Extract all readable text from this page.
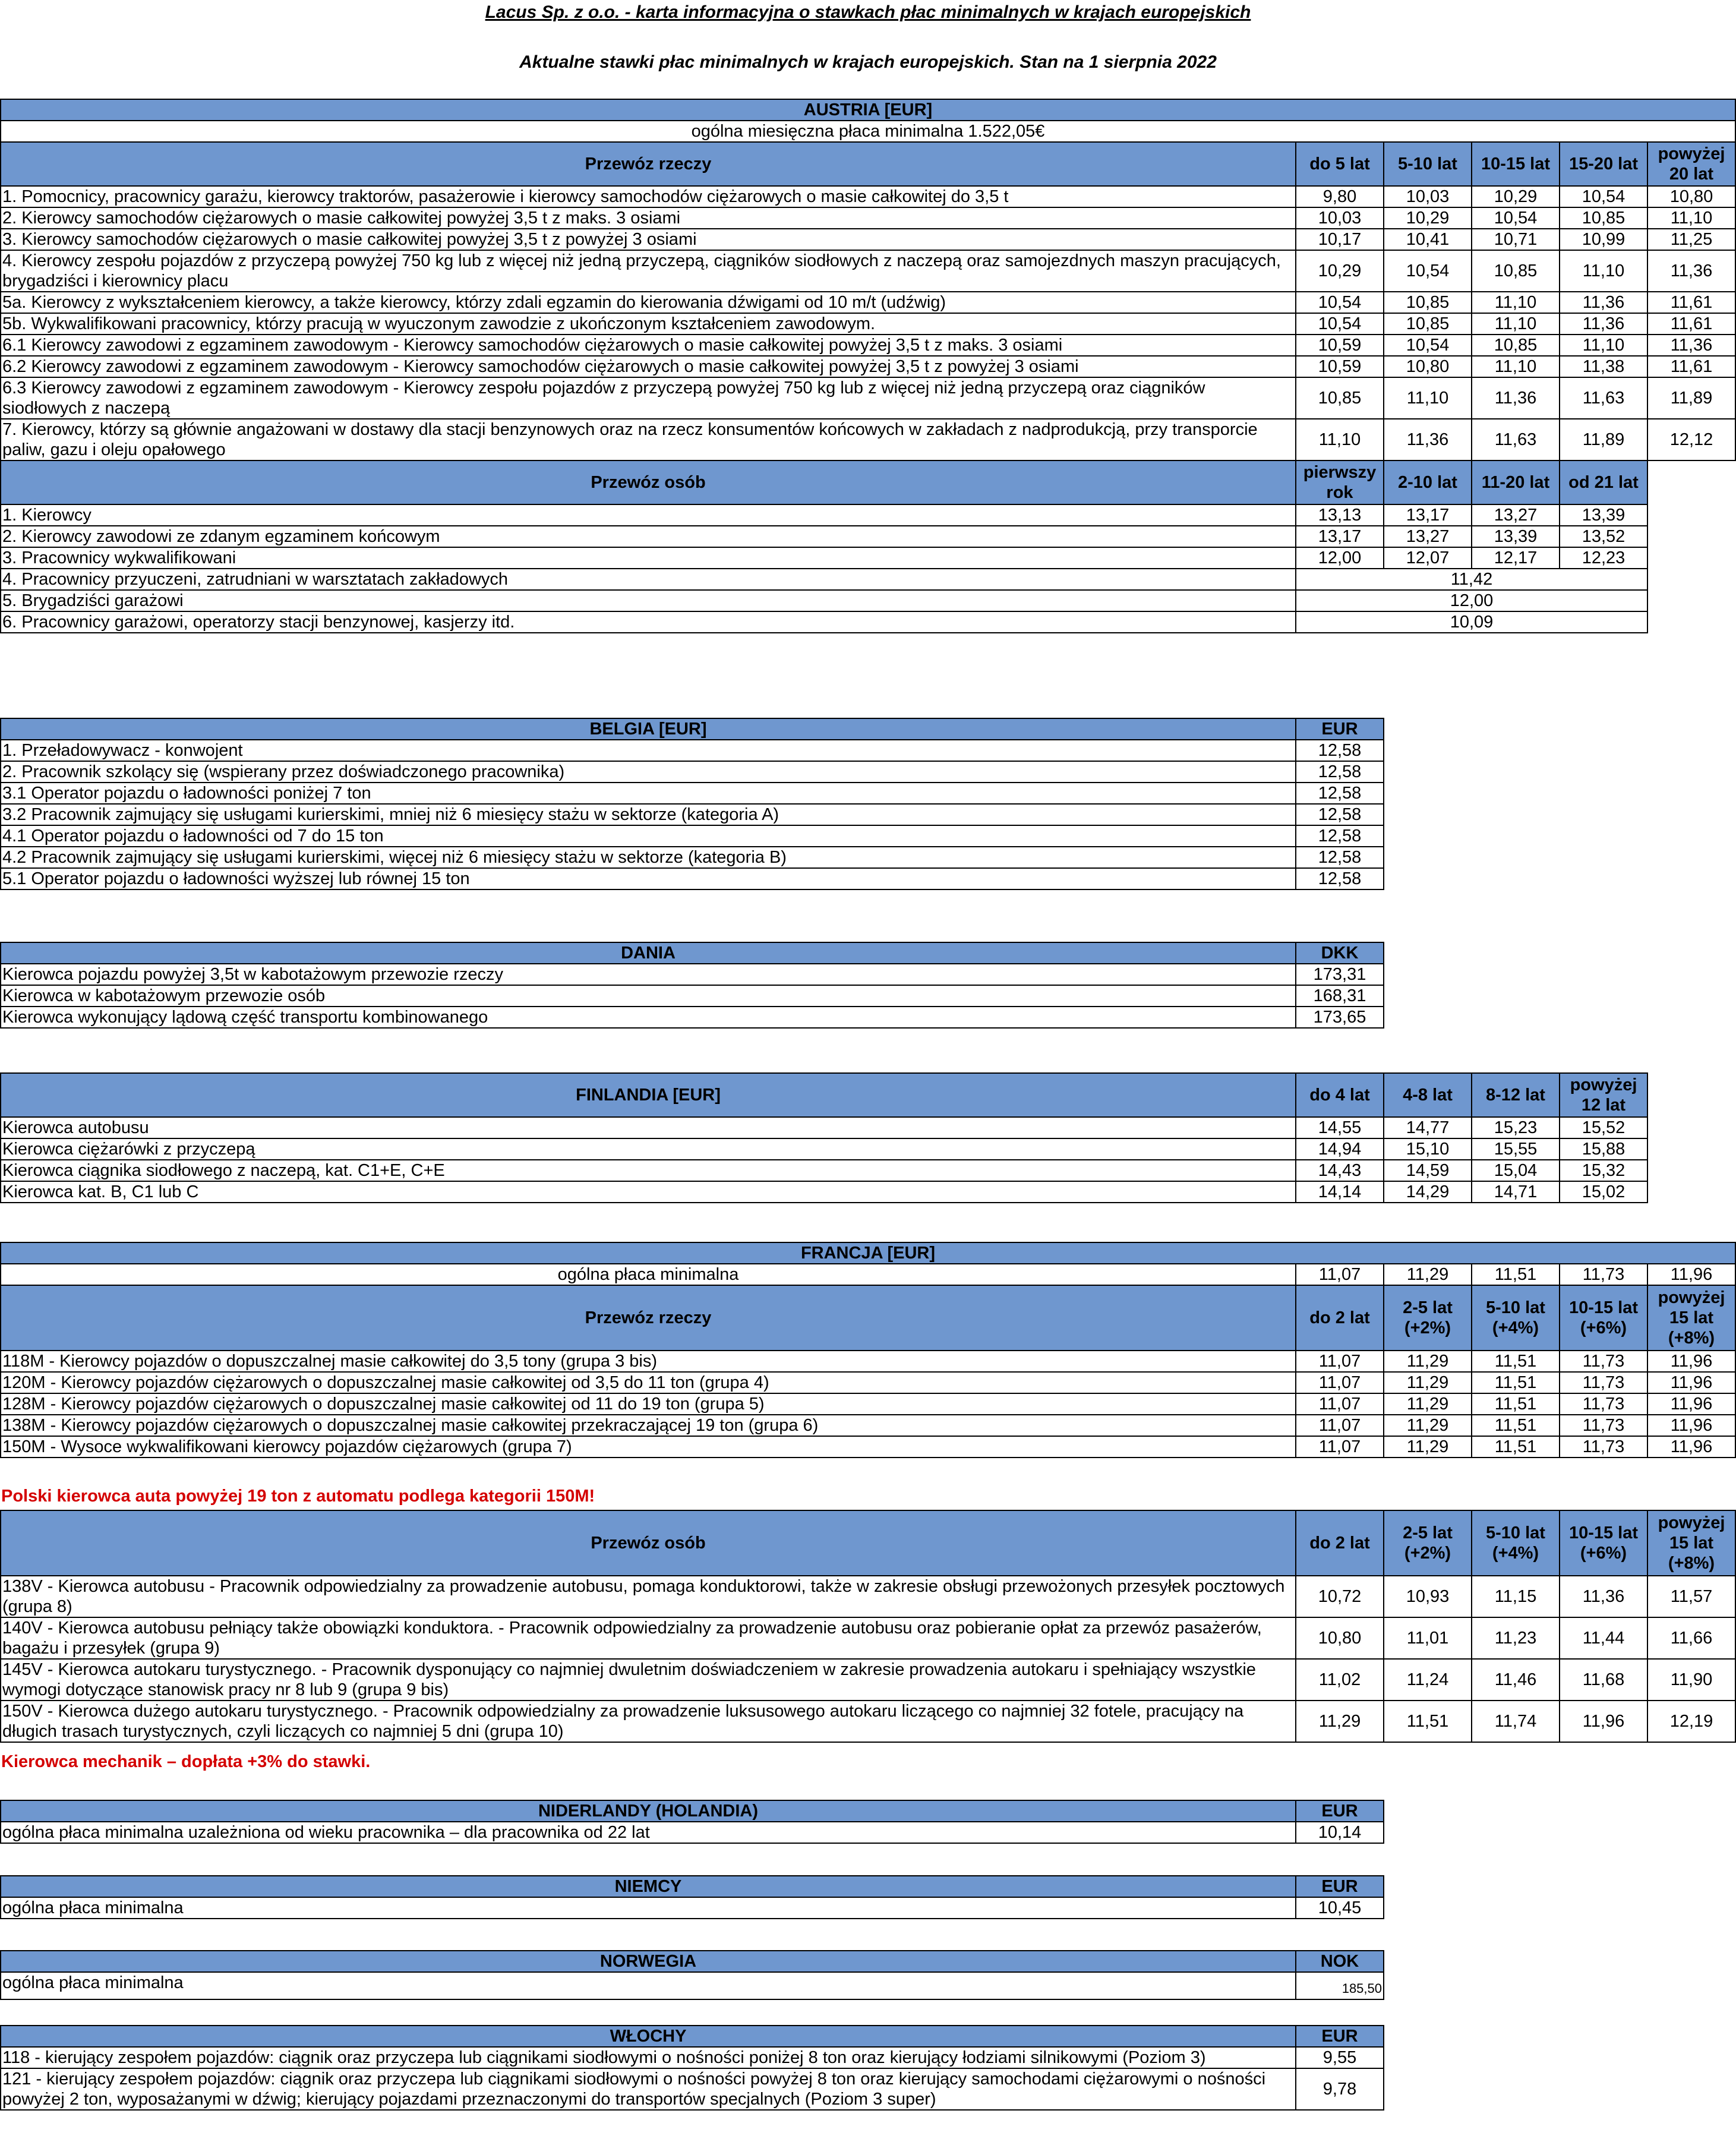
Lacus Sp. z o.o. - karta informacyjna o stawkach płac minimalnych w krajach europejskich
Aktualne stawki płac minimalnych w krajach europejskich. Stan na 1 sierpnia 2022
AUSTRIA [EUR]					
ogólna miesięczna płaca minimalna 1.522,05€					
Przewóz rzeczy	do 5 lat	5-10 lat	10-15 lat	15-20 lat	powyżej 20 lat
1. Pomocnicy, pracownicy garażu, kierowcy traktorów, pasażerowie i kierowcy samochodów ciężarowych o masie całkowitej do 3,5 t	9,80	10,03	10,29	10,54	10,80
2. Kierowcy samochodów ciężarowych o masie całkowitej powyżej 3,5 t z maks. 3 osiami	10,03	10,29	10,54	10,85	11,10
3. Kierowcy samochodów ciężarowych o masie całkowitej powyżej 3,5 t z powyżej 3 osiami	10,17	10,41	10,71	10,99	11,25
4. Kierowcy zespołu pojazdów z przyczepą powyżej 750 kg lub z więcej niż jedną przyczepą, ciągników siodłowych z naczepą oraz samojezdnych maszyn pracujących, brygadziści i kierownicy placu	10,29	10,54	10,85	11,10	11,36
5a. Kierowcy z wykształceniem kierowcy, a także kierowcy, którzy zdali egzamin do kierowania dźwigami od 10 m/t (udźwig)	10,54	10,85	11,10	11,36	11,61
5b. Wykwalifikowani pracownicy, którzy pracują w wyuczonym zawodzie z ukończonym kształceniem zawodowym.	10,54	10,85	11,10	11,36	11,61
6.1 Kierowcy zawodowi z egzaminem zawodowym - Kierowcy samochodów ciężarowych o masie całkowitej powyżej 3,5 t z maks. 3 osiami	10,59	10,54	10,85	11,10	11,36
6.2 Kierowcy zawodowi z egzaminem zawodowym - Kierowcy samochodów ciężarowych o masie całkowitej powyżej 3,5 t z powyżej 3 osiami	10,59	10,80	11,10	11,38	11,61
6.3 Kierowcy zawodowi z egzaminem zawodowym - Kierowcy zespołu pojazdów z przyczepą powyżej 750 kg lub z więcej niż jedną przyczepą oraz ciągników siodłowych z naczepą	10,85	11,10	11,36	11,63	11,89
7. Kierowcy, którzy są głównie angażowani w dostawy dla stacji benzynowych oraz na rzecz konsumentów końcowych w zakładach z nadprodukcją, przy transporcie paliw, gazu i oleju opałowego	11,10	11,36	11,63	11,89	12,12
Przewóz osób	pierwszy rok	2-10 lat	11-20 lat	od 21 lat	
1. Kierowcy	13,13	13,17	13,27	13,39	
2. Kierowcy zawodowi ze zdanym egzaminem końcowym	13,17	13,27	13,39	13,52	
3. Pracownicy wykwalifikowani	12,00	12,07	12,17	12,23	
4. Pracownicy przyuczeni, zatrudniani w warsztatach zakładowych	11,42				
5. Brygadziści garażowi	12,00				
6. Pracownicy garażowi, operatorzy stacji benzynowej, kasjerzy itd.	10,09				
BELGIA [EUR]	EUR
1. Przeładowywacz - konwojent	12,58
2. Pracownik szkolący się (wspierany przez doświadczonego pracownika)	12,58
3.1 Operator pojazdu o ładowności poniżej 7 ton	12,58
3.2 Pracownik zajmujący się usługami kurierskimi, mniej niż 6 miesięcy stażu w sektorze (kategoria A)	12,58
4.1 Operator pojazdu o ładowności od 7 do 15 ton	12,58
4.2 Pracownik zajmujący się usługami kurierskimi, więcej niż 6 miesięcy stażu w sektorze (kategoria B)	12,58
5.1 Operator pojazdu o ładowności wyższej lub równej 15 ton	12,58
DANIA	DKK
Kierowca pojazdu powyżej 3,5t w kabotażowym przewozie rzeczy	173,31
Kierowca w kabotażowym przewozie osób	168,31
Kierowca wykonujący lądową część transportu kombinowanego	173,65
FINLANDIA [EUR]	do 4 lat	4-8 lat	8-12 lat	powyżej 12 lat
Kierowca autobusu	14,55	14,77	15,23	15,52
Kierowca ciężarówki z przyczepą	14,94	15,10	15,55	15,88
Kierowca ciągnika siodłowego z naczepą, kat. C1+E, C+E	14,43	14,59	15,04	15,32
Kierowca kat. B, C1 lub C	14,14	14,29	14,71	15,02
FRANCJA [EUR]					
ogólna płaca minimalna	11,07	11,29	11,51	11,73	11,96
Przewóz rzeczy	do 2 lat	2-5 lat (+2%)	5-10 lat (+4%)	10-15 lat (+6%)	powyżej 15 lat (+8%)
118M - Kierowcy pojazdów o dopuszczalnej masie całkowitej do 3,5 tony (grupa 3 bis)	11,07	11,29	11,51	11,73	11,96
120M - Kierowcy pojazdów ciężarowych o dopuszczalnej masie całkowitej od 3,5 do 11 ton (grupa 4)	11,07	11,29	11,51	11,73	11,96
128M - Kierowcy pojazdów ciężarowych o dopuszczalnej masie całkowitej od 11 do 19 ton (grupa 5)	11,07	11,29	11,51	11,73	11,96
138M - Kierowcy pojazdów ciężarowych o dopuszczalnej masie całkowitej przekraczającej 19 ton (grupa 6)	11,07	11,29	11,51	11,73	11,96
150M - Wysoce wykwalifikowani kierowcy pojazdów ciężarowych (grupa 7)	11,07	11,29	11,51	11,73	11,96
Polski kierowca auta powyżej 19 ton z automatu podlega kategorii 150M!
Przewóz osób	do 2 lat	2-5 lat (+2%)	5-10 lat (+4%)	10-15 lat (+6%)	powyżej 15 lat (+8%)
138V - Kierowca autobusu - Pracownik odpowiedzialny za prowadzenie autobusu, pomaga konduktorowi, także w zakresie obsługi przewożonych przesyłek pocztowych (grupa 8)	10,72	10,93	11,15	11,36	11,57
140V - Kierowca autobusu pełniący także obowiązki konduktora. - Pracownik odpowiedzialny za prowadzenie autobusu oraz pobieranie opłat za przewóz pasażerów, bagażu i przesyłek (grupa 9)	10,80	11,01	11,23	11,44	11,66
145V - Kierowca autokaru turystycznego. - Pracownik dysponujący co najmniej dwuletnim doświadczeniem w zakresie prowadzenia autokaru i spełniający wszystkie wymogi dotyczące stanowisk pracy nr 8 lub 9 (grupa 9 bis)	11,02	11,24	11,46	11,68	11,90
150V - Kierowca dużego autokaru turystycznego. - Pracownik odpowiedzialny za prowadzenie luksusowego autokaru liczącego co najmniej 32 fotele, pracujący na długich trasach turystycznych, czyli liczących co najmniej 5 dni (grupa 10)	11,29	11,51	11,74	11,96	12,19
Kierowca mechanik – dopłata +3% do stawki.
NIDERLANDY (HOLANDIA)	EUR
ogólna płaca minimalna uzależniona od wieku pracownika – dla pracownika od 22 lat	10,14
NIEMCY	EUR
ogólna płaca minimalna	10,45
NORWEGIA	NOK
ogólna płaca minimalna	185,50
WŁOCHY	EUR
118 - kierujący zespołem pojazdów: ciągnik oraz przyczepa lub ciągnikami siodłowymi o nośności poniżej 8 ton oraz kierujący łodziami silnikowymi (Poziom 3)	9,55
121 - kierujący zespołem pojazdów: ciągnik oraz przyczepa lub ciągnikami siodłowymi o nośności powyżej 8 ton oraz kierujący samochodami ciężarowymi o nośności powyżej 2 ton, wyposażanymi w dźwig; kierujący pojazdami przeznaczonymi do transportów specjalnych (Poziom 3 super)	9,78
